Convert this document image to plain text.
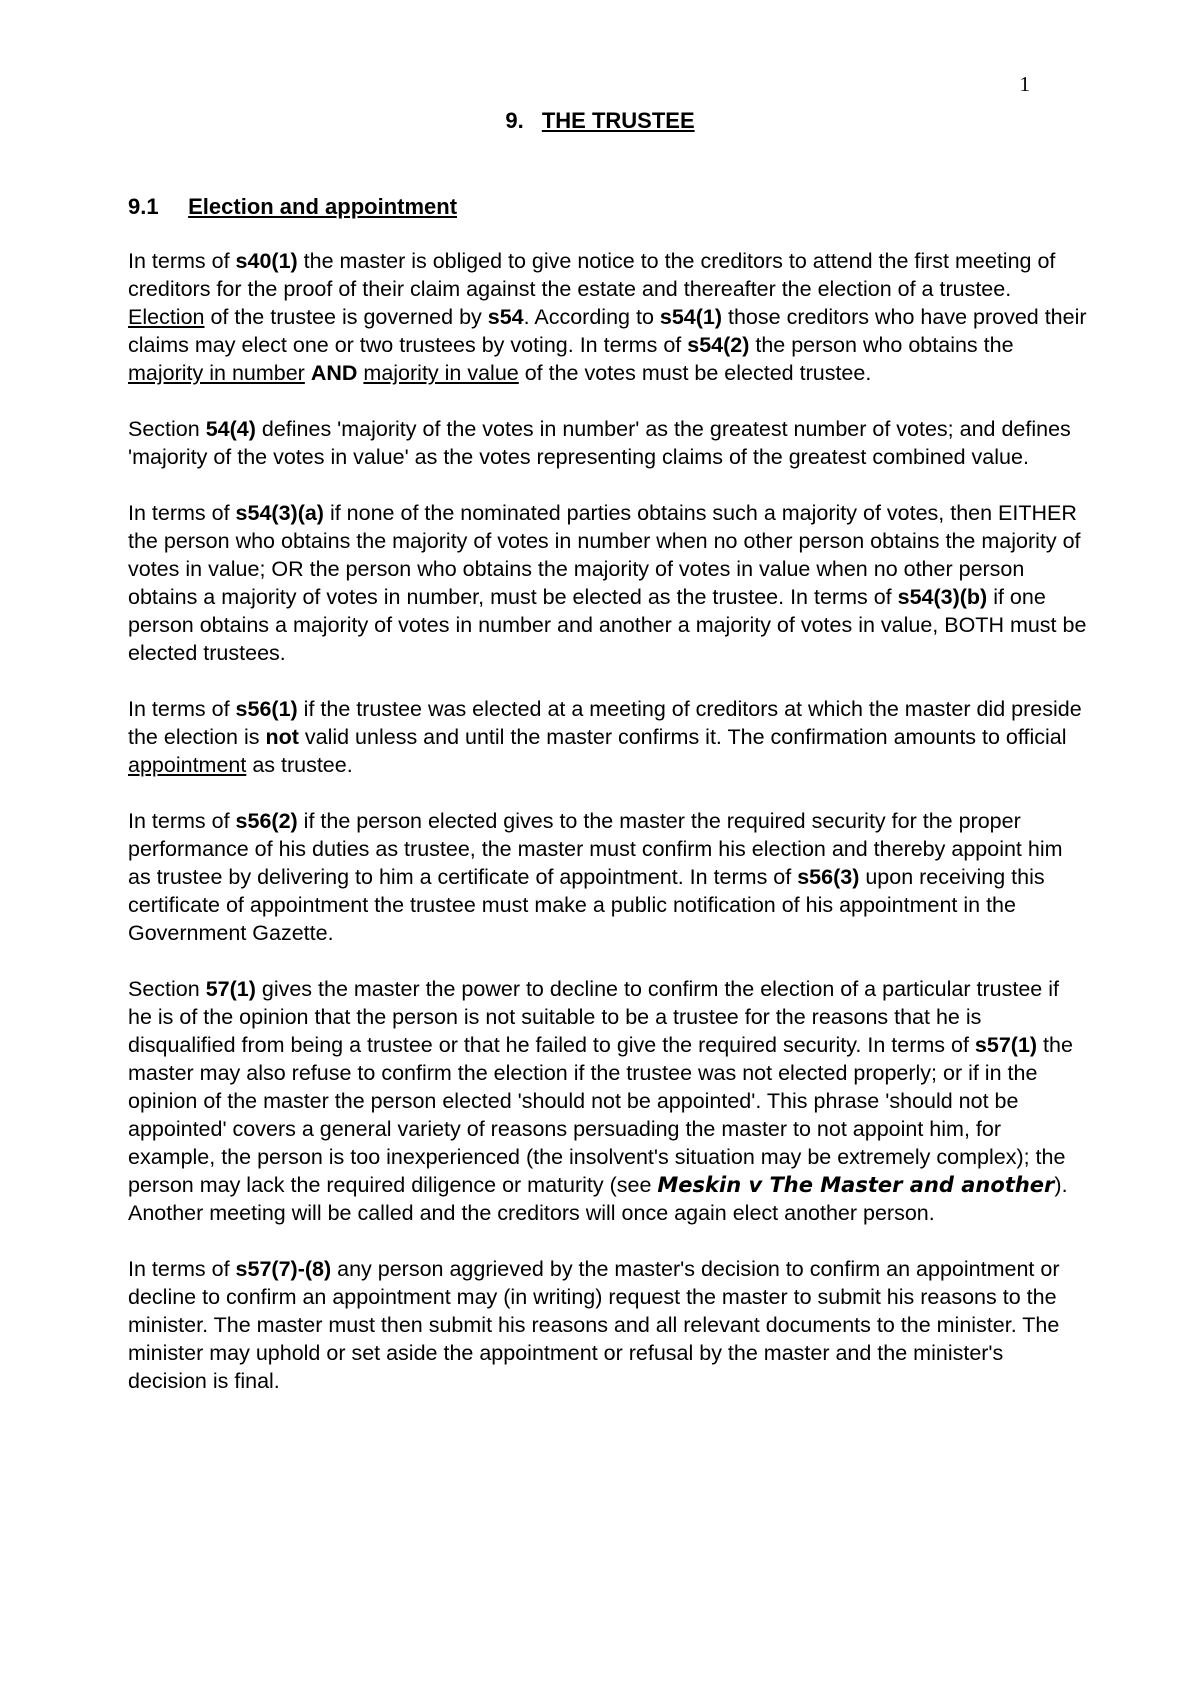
1
9. THE TRUSTEE
9.1 Election and appointment

In terms of s40(1) the master is obliged to give notice to the creditors to attend the first meeting of creditors for the proof of their claim against the estate and thereafter the election of a trustee. Election of the trustee is governed by s54. According to s54(1) those creditors who have proved their claims may elect one or two trustees by voting. In terms of s54(2) the person who obtains the majority in number AND majority in value of the votes must be elected trustee.

Section 54(4) defines 'majority of the votes in number' as the greatest number of votes; and defines 'majority of the votes in value' as the votes representing claims of the greatest combined value.

In terms of s54(3)(a) if none of the nominated parties obtains such a majority of votes, then EITHER the person who obtains the majority of votes in number when no other person obtains the majority of votes in value; OR the person who obtains the majority of votes in value when no other person obtains a majority of votes in number, must be elected as the trustee. In terms of s54(3)(b) if one person obtains a majority of votes in number and another a majority of votes in value, BOTH must be elected trustees.

In terms of s56(1) if the trustee was elected at a meeting of creditors at which the master did preside the election is not valid unless and until the master confirms it. The confirmation amounts to official appointment as trustee.

In terms of s56(2) if the person elected gives to the master the required security for the proper performance of his duties as trustee, the master must confirm his election and thereby appoint him as trustee by delivering to him a certificate of appointment. In terms of s56(3) upon receiving this certificate of appointment the trustee must make a public notification of his appointment in the Government Gazette.

Section 57(1) gives the master the power to decline to confirm the election of a particular trustee if he is of the opinion that the person is not suitable to be a trustee for the reasons that he is disqualified from being a trustee or that he failed to give the required security. In terms of s57(1) the master may also refuse to confirm the election if the trustee was not elected properly; or if in the opinion of the master the person elected 'should not be appointed'. This phrase 'should not be appointed' covers a general variety of reasons persuading the master to not appoint him, for example, the person is too inexperienced (the insolvent's situation may be extremely complex); the person may lack the required diligence or maturity (see Meskin v The Master and another). Another meeting will be called and the creditors will once again elect another person.

In terms of s57(7)-(8) any person aggrieved by the master's decision to confirm an appointment or decline to confirm an appointment may (in writing) request the master to submit his reasons to the minister. The master must then submit his reasons and all relevant documents to the minister. The minister may uphold or set aside the appointment or refusal by the master and the minister's decision is final.
